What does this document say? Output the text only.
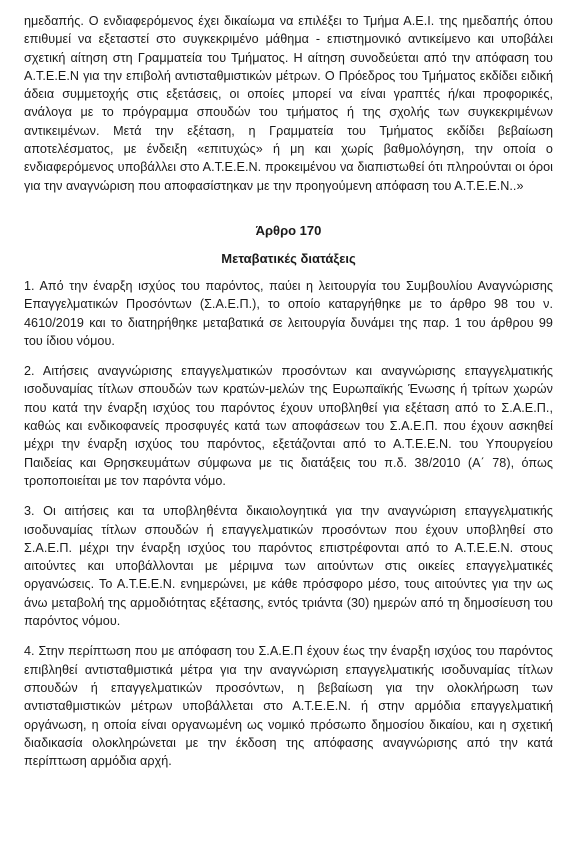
ημεδαπής. Ο ενδιαφερόμενος έχει δικαίωμα να επιλέξει το Τμήμα Α.Ε.Ι. της ημεδαπής όπου επιθυμεί να εξεταστεί στο συγκεκριμένο μάθημα - επιστημονικό αντικείμενο και υποβάλει σχετική αίτηση στη Γραμματεία του Τμήματος. Η αίτηση συνοδεύεται από την απόφαση του Α.Τ.Ε.Ε.Ν για την επιβολή αντισταθμιστικών μέτρων. Ο Πρόεδρος του Τμήματος εκδίδει ειδική άδεια συμμετοχής στις εξετάσεις, οι οποίες μπορεί να είναι γραπτές ή/και προφορικές, ανάλογα με το πρόγραμμα σπουδών του τμήματος ή της σχολής των συγκεκριμένων αντικειμένων. Μετά την εξέταση, η Γραμματεία του Τμήματος εκδίδει βεβαίωση αποτελέσματος, με ένδειξη «επιτυχώς» ή μη και χωρίς βαθμολόγηση, την οποία ο ενδιαφερόμενος υποβάλλει στο Α.Τ.Ε.Ε.Ν. προκειμένου να διαπιστωθεί ότι πληρούνται οι όροι για την αναγνώριση που αποφασίστηκαν με την προηγούμενη απόφαση του Α.Τ.Ε.Ε.Ν..»

Άρθρο 170

Μεταβατικές διατάξεις

1. Από την έναρξη ισχύος του παρόντος, παύει η λειτουργία του Συμβουλίου Αναγνώρισης Επαγγελματικών Προσόντων (Σ.Α.Ε.Π.), το οποίο καταργήθηκε με το άρθρο 98 του ν. 4610/2019 και το διατηρήθηκε μεταβατικά σε λειτουργία δυνάμει της παρ. 1 του άρθρου 99 του ίδιου νόμου.

2. Αιτήσεις αναγνώρισης επαγγελματικών προσόντων και αναγνώρισης επαγγελματικής ισοδυναμίας τίτλων σπουδών των κρατών-μελών της Ευρωπαϊκής Ένωσης ή τρίτων χωρών που κατά την έναρξη ισχύος του παρόντος έχουν υποβληθεί για εξέταση από το Σ.Α.Ε.Π., καθώς και ενδικοφανείς προσφυγές κατά των αποφάσεων του Σ.Α.Ε.Π. που έχουν ασκηθεί μέχρι την έναρξη ισχύος του παρόντος, εξετάζονται από το Α.Τ.Ε.Ε.Ν. του Υπουργείου Παιδείας και Θρησκευμάτων σύμφωνα με τις διατάξεις του π.δ. 38/2010 (Α΄ 78), όπως τροποποιείται με τον παρόντα νόμο.

3. Οι αιτήσεις και τα υποβληθέντα δικαιολογητικά για την αναγνώριση επαγγελματικής ισοδυναμίας τίτλων σπουδών ή επαγγελματικών προσόντων που έχουν υποβληθεί στο Σ.Α.Ε.Π. μέχρι την έναρξη ισχύος του παρόντος επιστρέφονται από το Α.Τ.Ε.Ε.Ν. στους αιτούντες και υποβάλλονται με μέριμνα των αιτούντων στις οικείες επαγγελματικές οργανώσεις. Το Α.Τ.Ε.Ε.Ν. ενημερώνει, με κάθε πρόσφορο μέσο, τους αιτούντες για την ως άνω μεταβολή της αρμοδιότητας εξέτασης, εντός τριάντα (30) ημερών από τη δημοσίευση του παρόντος νόμου.

4. Στην περίπτωση που με απόφαση του Σ.Α.Ε.Π έχουν έως την έναρξη ισχύος του παρόντος επιβληθεί αντισταθμιστικά μέτρα για την αναγνώριση επαγγελματικής ισοδυναμίας τίτλων σπουδών ή επαγγελματικών προσόντων, η βεβαίωση για την ολοκλήρωση των αντισταθμιστικών μέτρων υποβάλλεται στο Α.Τ.Ε.Ε.Ν. ή στην αρμόδια επαγγελματική οργάνωση, η οποία είναι οργανωμένη ως νομικό πρόσωπο δημοσίου δικαίου, και η σχετική διαδικασία ολοκληρώνεται με την έκδοση της απόφασης αναγνώρισης από την κατά περίπτωση αρμόδια αρχή.
